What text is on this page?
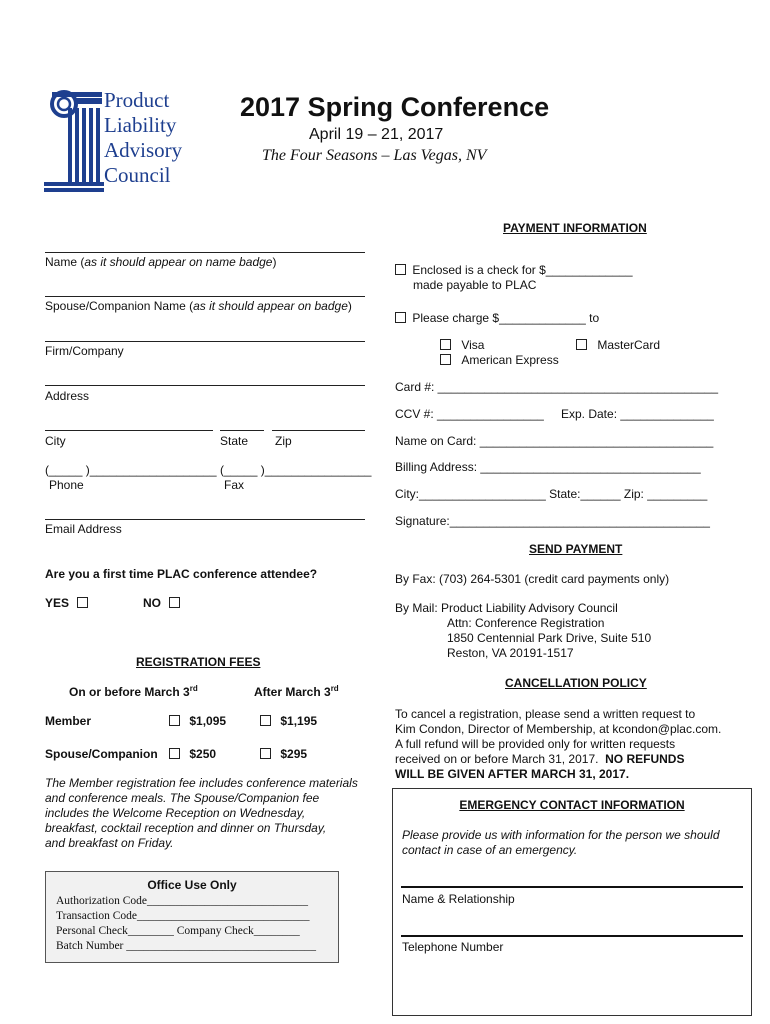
Product
Liability
Advisory
Council
2017 Spring Conference
April 19 – 21, 2017
The Four Seasons – Las Vegas, NV
Name (as it should appear on name badge)
Spouse/Companion Name (as it should appear on badge)
Firm/Company
Address
City	State Zip
(_____ )___________________ (_____ )________________
Phone	Fax
Email Address
Are you a first time PLAC conference attendee?
YES	NO
REGISTRATION FEES
On or before March 3rd	After March 3rd
Member	$1,095	$1,195
Spouse/Companion	$250	$295
The Member registration fee includes conference materials
and conference meals. The Spouse/Companion fee
includes the Welcome Reception on Wednesday,
breakfast, cocktail reception and dinner on Thursday,
and breakfast on Friday.
Office Use Only
Authorization Code____________________________
Transaction Code______________________________
Personal Check________ Company Check________
Batch Number _________________________________
PAYMENT INFORMATION
Enclosed is a check for $_____________
made payable to PLAC
Please charge $_____________ to
Visa	MasterCard
American Express
Card #: __________________________________________
CCV #: ________________ Exp. Date: ______________
Name on Card: ___________________________________
Billing Address: _________________________________
City:___________________ State:______ Zip: _________
Signature:_______________________________________
SEND PAYMENT
By Fax: (703) 264-5301 (credit card payments only)
By Mail: Product Liability Advisory Council
Attn: Conference Registration
1850 Centennial Park Drive, Suite 510
Reston, VA 20191-1517
CANCELLATION POLICY
To cancel a registration, please send a written request to
Kim Condon, Director of Membership, at kcondon@plac.com.
A full refund will be provided only for written requests
received on or before March 31, 2017.  NO REFUNDS
WILL BE GIVEN AFTER MARCH 31, 2017.
EMERGENCY CONTACT INFORMATION
Please provide us with information for the person we should
contact in case of an emergency.
Name & Relationship
Telephone Number
